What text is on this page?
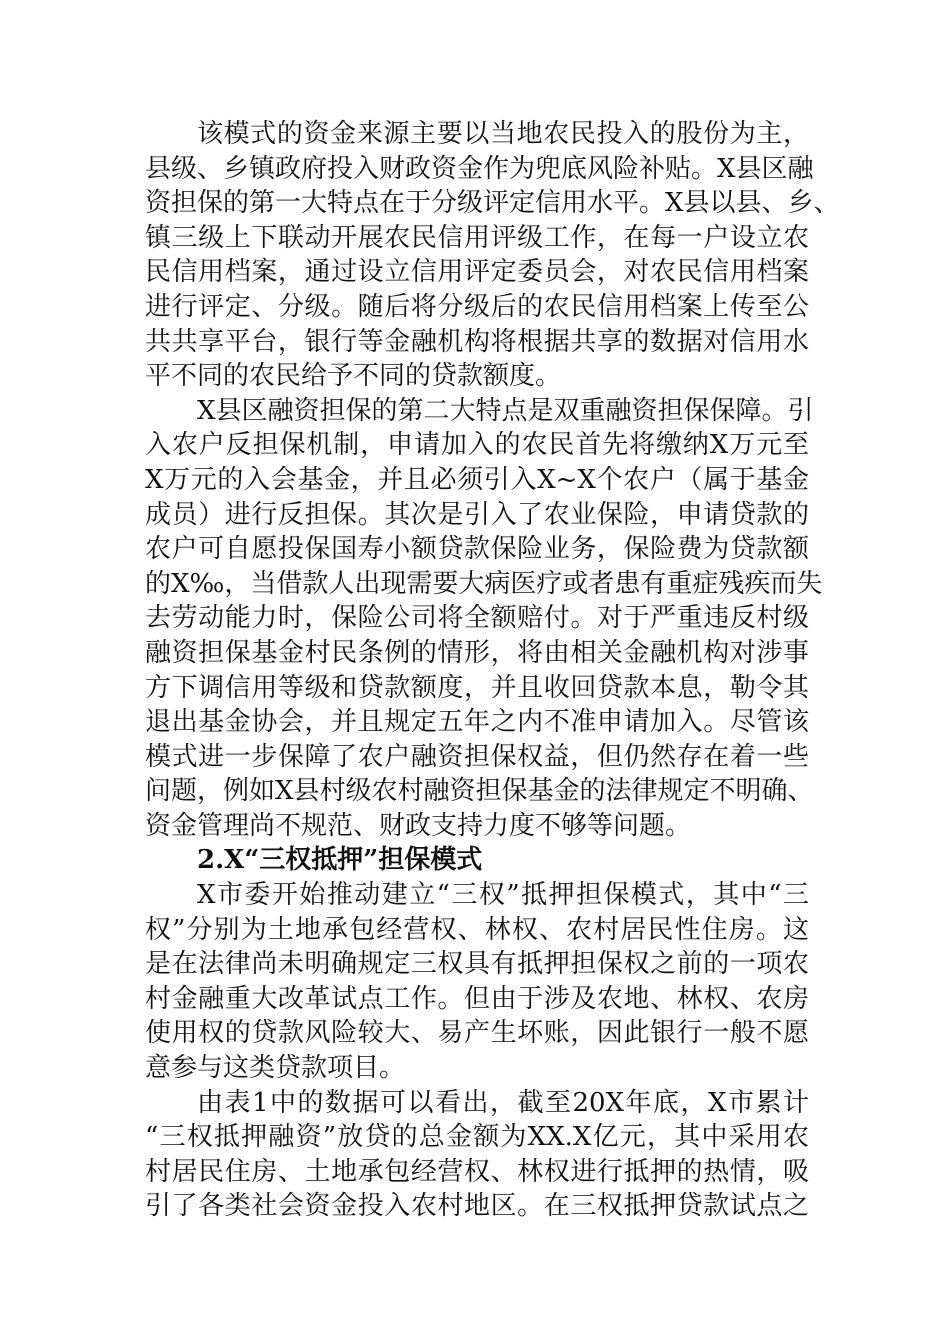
该模式的资金来源主要以当地农民投入的股份为主，
县级、乡镇政府投入财政资金作为兜底风险补贴。X县区融
资担保的第一大特点在于分级评定信用水平。X县以县、乡、
镇三级上下联动开展农民信用评级工作，在每一户设立农
民信用档案，通过设立信用评定委员会，对农民信用档案
进行评定、分级。随后将分级后的农民信用档案上传至公
共共享平台，银行等金融机构将根据共享的数据对信用水
平不同的农民给予不同的贷款额度。
X县区融资担保的第二大特点是双重融资担保保障。引
入农户反担保机制，申请加入的农民首先将缴纳X万元至
X万元的入会基金，并且必须引入X~X个农户（属于基金
成员）进行反担保。其次是引入了农业保险，申请贷款的
农户可自愿投保国寿小额贷款保险业务，保险费为贷款额
的X‰，当借款人出现需要大病医疗或者患有重症残疾而失
去劳动能力时，保险公司将全额赔付。对于严重违反村级
融资担保基金村民条例的情形，将由相关金融机构对涉事
方下调信用等级和贷款额度，并且收回贷款本息，勒令其
退出基金协会，并且规定五年之内不准申请加入。尽管该
模式进一步保障了农户融资担保权益，但仍然存在着一些
问题，例如X县村级农村融资担保基金的法律规定不明确、
资金管理尚不规范、财政支持力度不够等问题。
2.X“三权抵押”担保模式
X市委开始推动建立“三权”抵押担保模式，其中“三
权”分别为土地承包经营权、林权、农村居民性住房。这
是在法律尚未明确规定三权具有抵押担保权之前的一项农
村金融重大改革试点工作。但由于涉及农地、林权、农房
使用权的贷款风险较大、易产生坏账，因此银行一般不愿
意参与这类贷款项目。
由表1中的数据可以看出，截至20X年底，X市累计
“三权抵押融资”放贷的总金额为XX.X亿元，其中采用农
村居民住房、土地承包经营权、林权进行抵押的热情，吸
引了各类社会资金投入农村地区。在三权抵押贷款试点之
